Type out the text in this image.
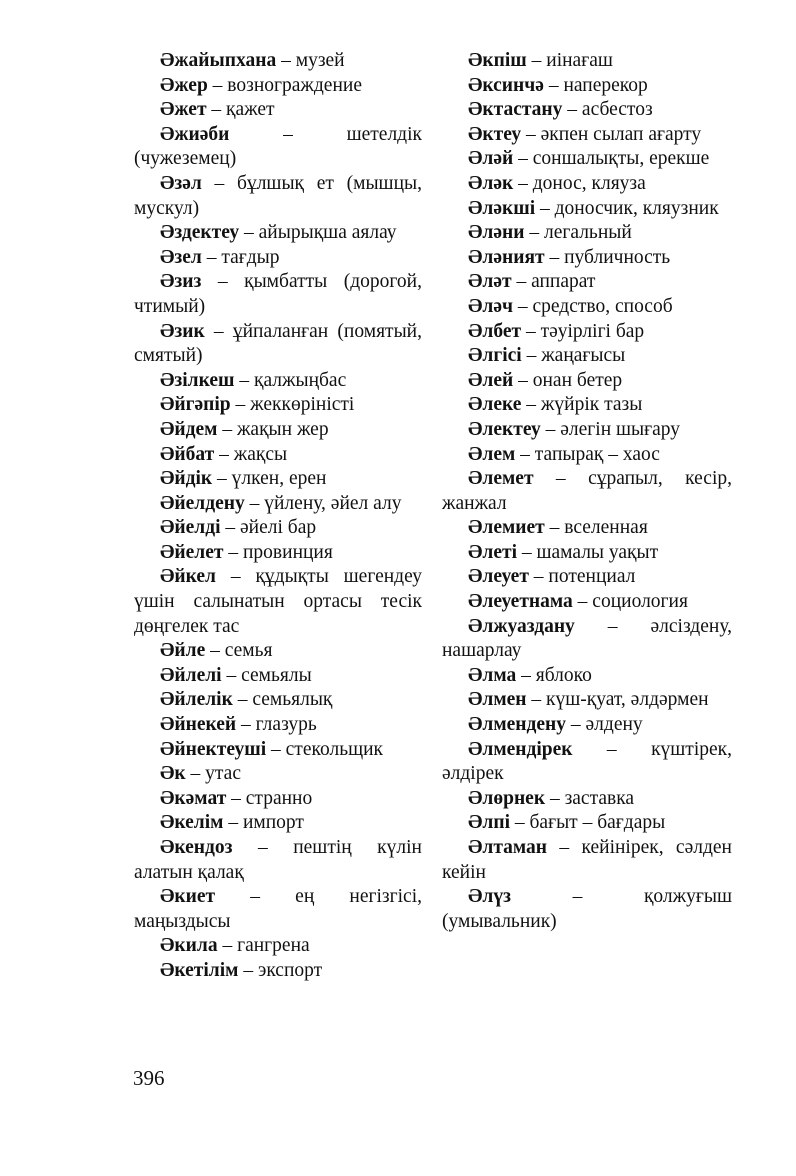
Әжайыпхана – музей

Әжер – вознограждение

Әжет – қажет

Әжиәби – шетелдік (чужеземец)

Әзәл – бұлшық ет (мышцы, мускул)

Әздектеу – айырықша аялау

Әзел – тағдыр

Әзиз – қымбатты (дорогой, чтимый)

Әзик – ұйпаланған (помятый, смятый)

Әзілкеш – қалжыңбас

Әйгәпір – жеккөріністі

Әйдем – жақын жер

Әйбат – жақсы

Әйдік – үлкен, ерен

Әйелдену – үйлену, әйел алу

Әйелді – әйелі бар

Әйелет – провинция

Әйкел – құдықты шегендеу үшін салынатын ортасы тесік дөңгелек тас

Әйле – семья

Әйлелі – семьялы

Әйлелік – семьялық

Әйнекей – глазурь

Әйнектеуші – стекольщик

Әк – утас

Әкәмат – странно

Әкелім – импорт

Әкендоз – пештің күлін алатын қалақ

Әкиет – ең негізгісі, маңыздысы

Әкила – гангрена

Әкетілім – экспорт

Әкпіш – иінағаш

Әксинчә – наперекор

Әктастану – асбестоз

Әктеу – әкпен сылап ағарту

Әләй – соншалықты, ерекше

Әләк – донос, кляуза

Әләкші – доносчик, кляузник

Әләни – легальный

Әләният – публичность

Әләт – аппарат

Әләч – средство, способ

Әлбет – тәуірлігі бар

Әлгісі – жаңағысы

Әлей – онан бетер

Әлеке – жүйрік тазы

Әлектеу – әлегін шығару

Әлем – тапырақ – хаос

Әлемет – сұрапыл, кесір, жанжал

Әлемиет – вселенная

Әлеті – шамалы уақыт

Әлеует – потенциал

Әлеуетнама – социология

Әлжуаздану – әлсіздену, нашарлау

Әлма – яблоко

Әлмен – күш-қуат, әлдәрмен

Әлмендену – әлдену

Әлмендірек – күштірек, әлдірек

Әлөрнек – заставка

Әлпі – бағыт – бағдары

Әлтаман – кейінірек, сәлден кейін

Әлүз – қолжуғыш (умывальник)

396
